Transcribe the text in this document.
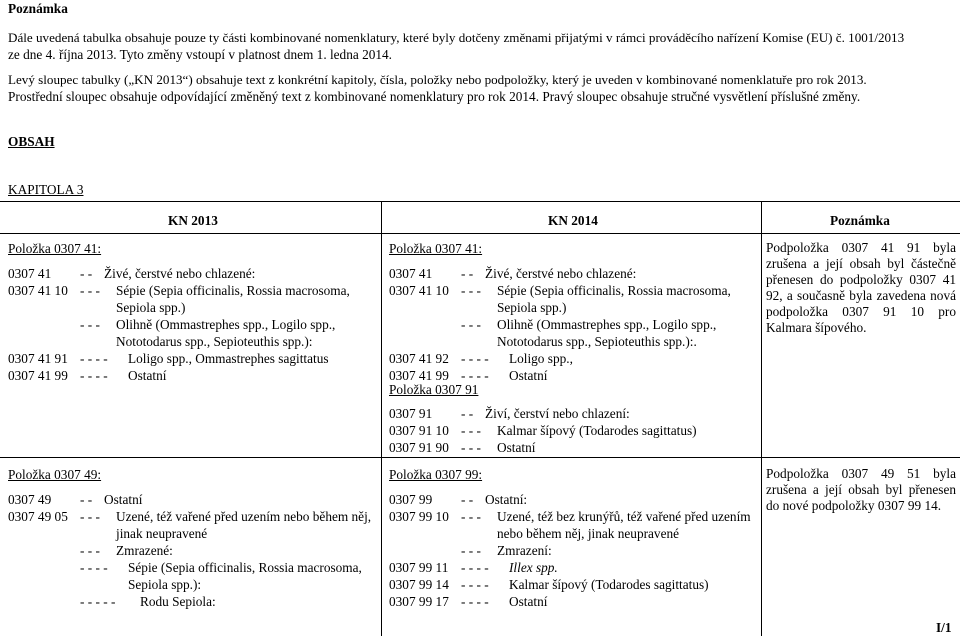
Poznámka
Dále uvedená tabulka obsahuje pouze ty části kombinované nomenklatury, které byly dotčeny změnami přijatými v rámci prováděcího nařízení Komise (EU) č. 1001/2013
ze dne 4. října 2013. Tyto změny vstoupí v platnost dnem 1. ledna 2014.
Levý sloupec tabulky („KN 2013“) obsahuje text z konkrétní kapitoly, čísla, položky nebo podpoložky, který je uveden v kombinované nomenklatuře pro rok 2013.
Prostřední sloupec obsahuje odpovídající změněný text z kombinované nomenklatury pro rok 2014. Pravý sloupec obsahuje stručné vysvětlení příslušné změny.
OBSAH
KAPITOLA 3
KN 2013	KN 2014	Poznámka
Položka 0307 41:
0307 41 - - Živé, čerstvé nebo chlazené:
0307 41 10 - - - Sépie (Sepia officinalis, Rossia macrosoma,
Sepiola spp.)
- - - Olihně (Ommastrephes spp., Logilo spp.,
Nototodarus spp., Sepioteuthis spp.):
0307 41 91 - - - - Loligo spp., Ommastrephes sagittatus
0307 41 99 - - - - Ostatní
Položka 0307 41:
0307 41 - - Živé, čerstvé nebo chlazené:
0307 41 10 - - - Sépie (Sepia officinalis, Rossia macrosoma,
Sepiola spp.)
- - - Olihně (Ommastrephes spp., Logilo spp.,
Nototodarus spp., Sepioteuthis spp.):.
0307 41 92 - - - - Loligo spp.,
0307 41 99 - - - - Ostatní
Položka 0307 91
0307 91 - - Živí, čerství nebo chlazení:
0307 91 10 - - - Kalmar šípový (Todarodes sagittatus)
0307 91 90 - - - Ostatní
Podpoložka 0307 41 91 byla zrušena a její obsah byl částečně přenesen do podpoložky 0307 41 92, a současně byla zavedena nová podpoložka 0307 91 10 pro Kalmara šípového.
Položka 0307 49:
0307 49 - - Ostatní
0307 49 05 - - - Uzené, též vařené před uzením nebo během něj,
jinak neupravené
- - - Zmrazené:
- - - - Sépie (Sepia officinalis, Rossia macrosoma,
Sepiola spp.):
- - - - - Rodu Sepiola:
Položka 0307 99:
0307 99 - - Ostatní:
0307 99 10 - - - Uzené, též bez krunýřů, též vařené před uzením
nebo během něj, jinak neupravené
- - - Zmrazení:
0307 99 11 - - - - Illex spp.
0307 99 14 - - - - Kalmar šípový (Todarodes sagittatus)
0307 99 17 - - - - Ostatní
Podpoložka 0307 49 51 byla zrušena a její obsah byl přenesen do nové podpoložky 0307 99 14.
I/1
